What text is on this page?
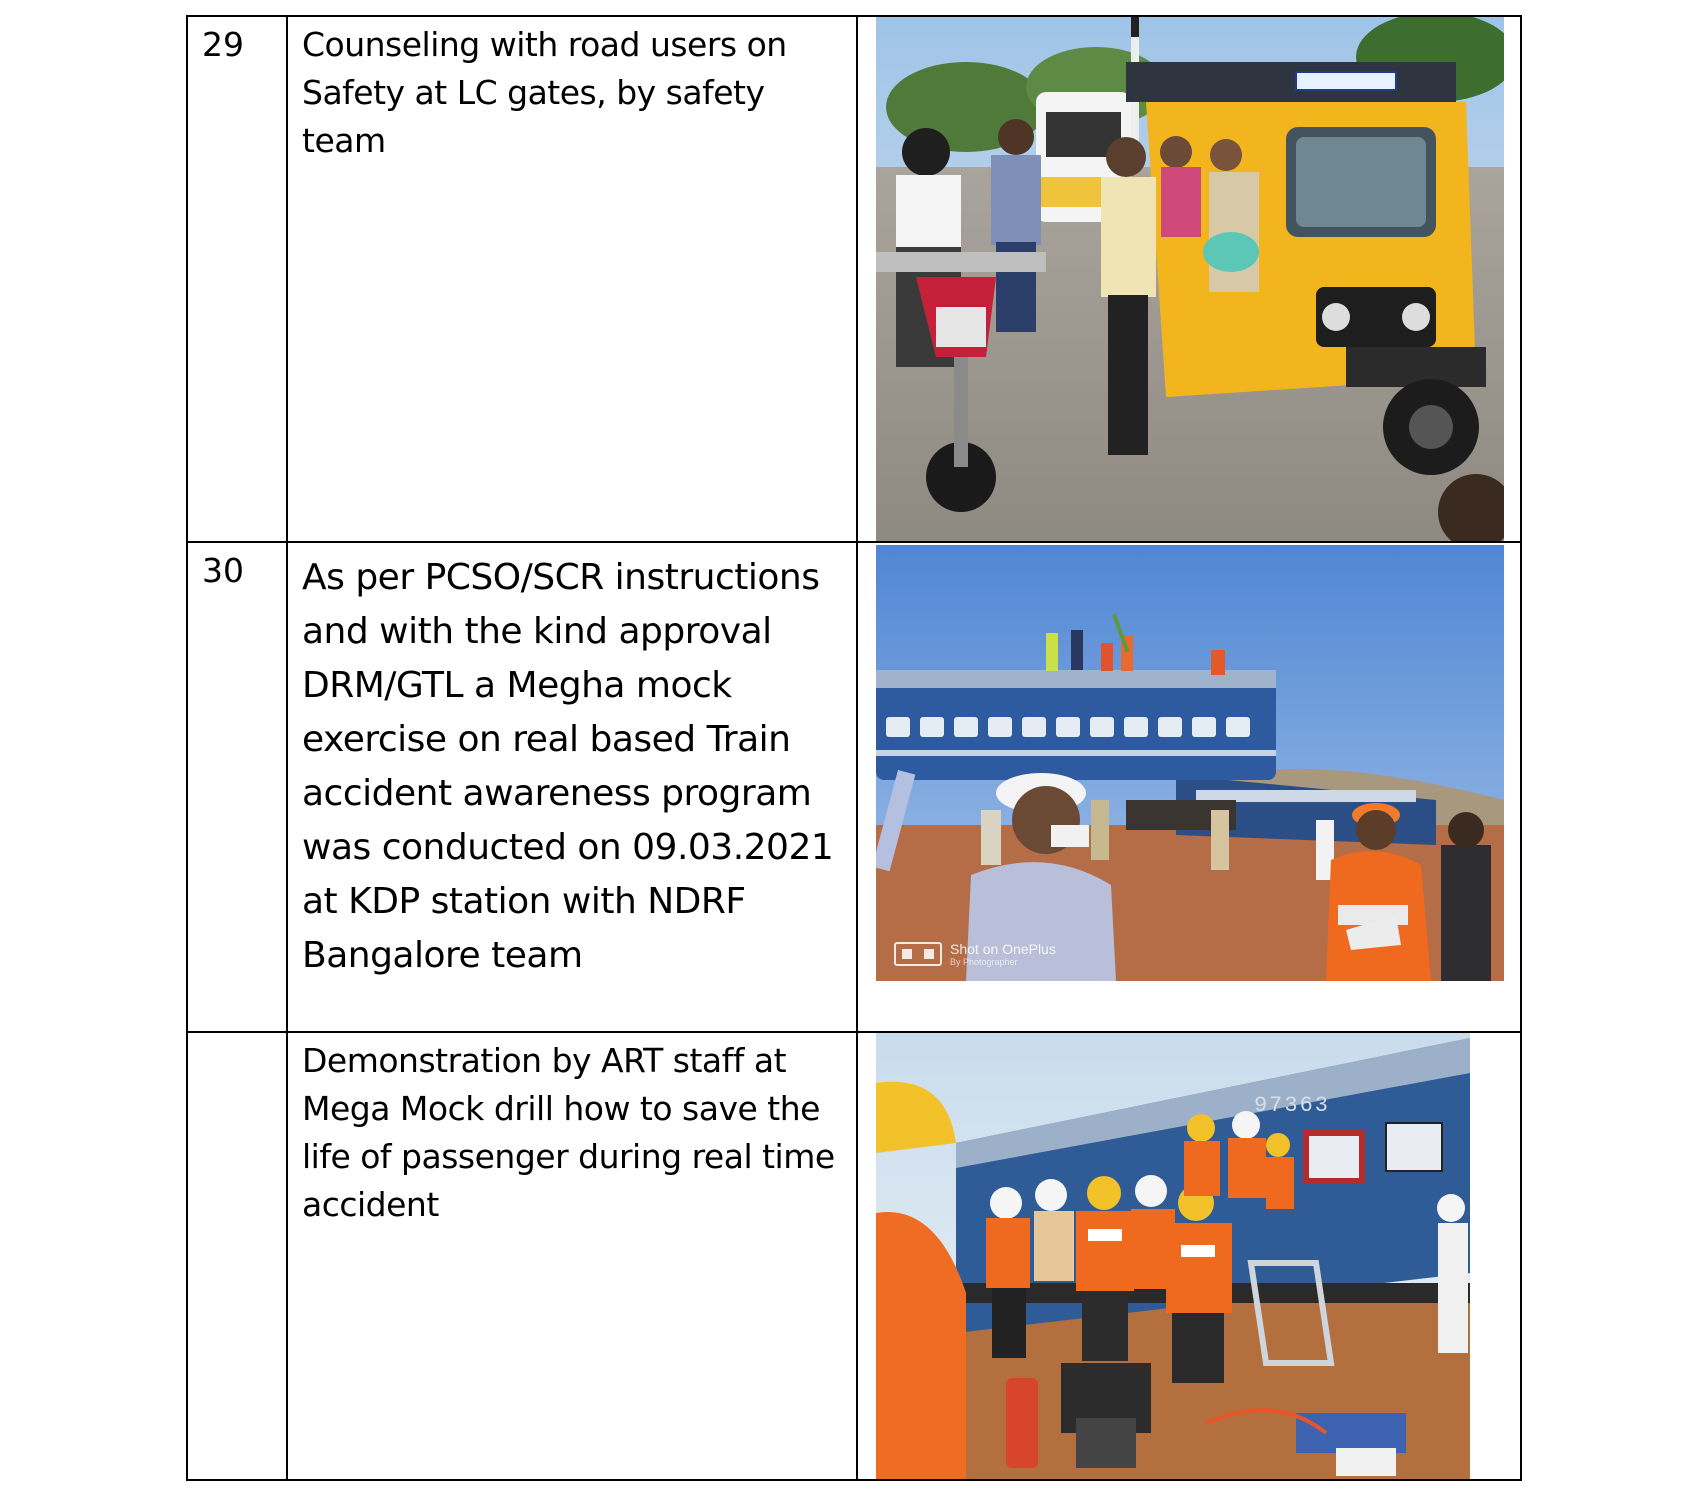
29	Counseling with road users on Safety at LC gates, by safety team

30	As per PCSO/SCR instructions and with the kind approval DRM/GTL a Megha mock exercise on real based Train accident awareness program was conducted on 09.03.2021 at KDP station with NDRF Bangalore team	Shot on OnePlus
By Photographer

	Demonstration by ART staff at Mega Mock drill how to save the life of passenger during real time accident	97363
